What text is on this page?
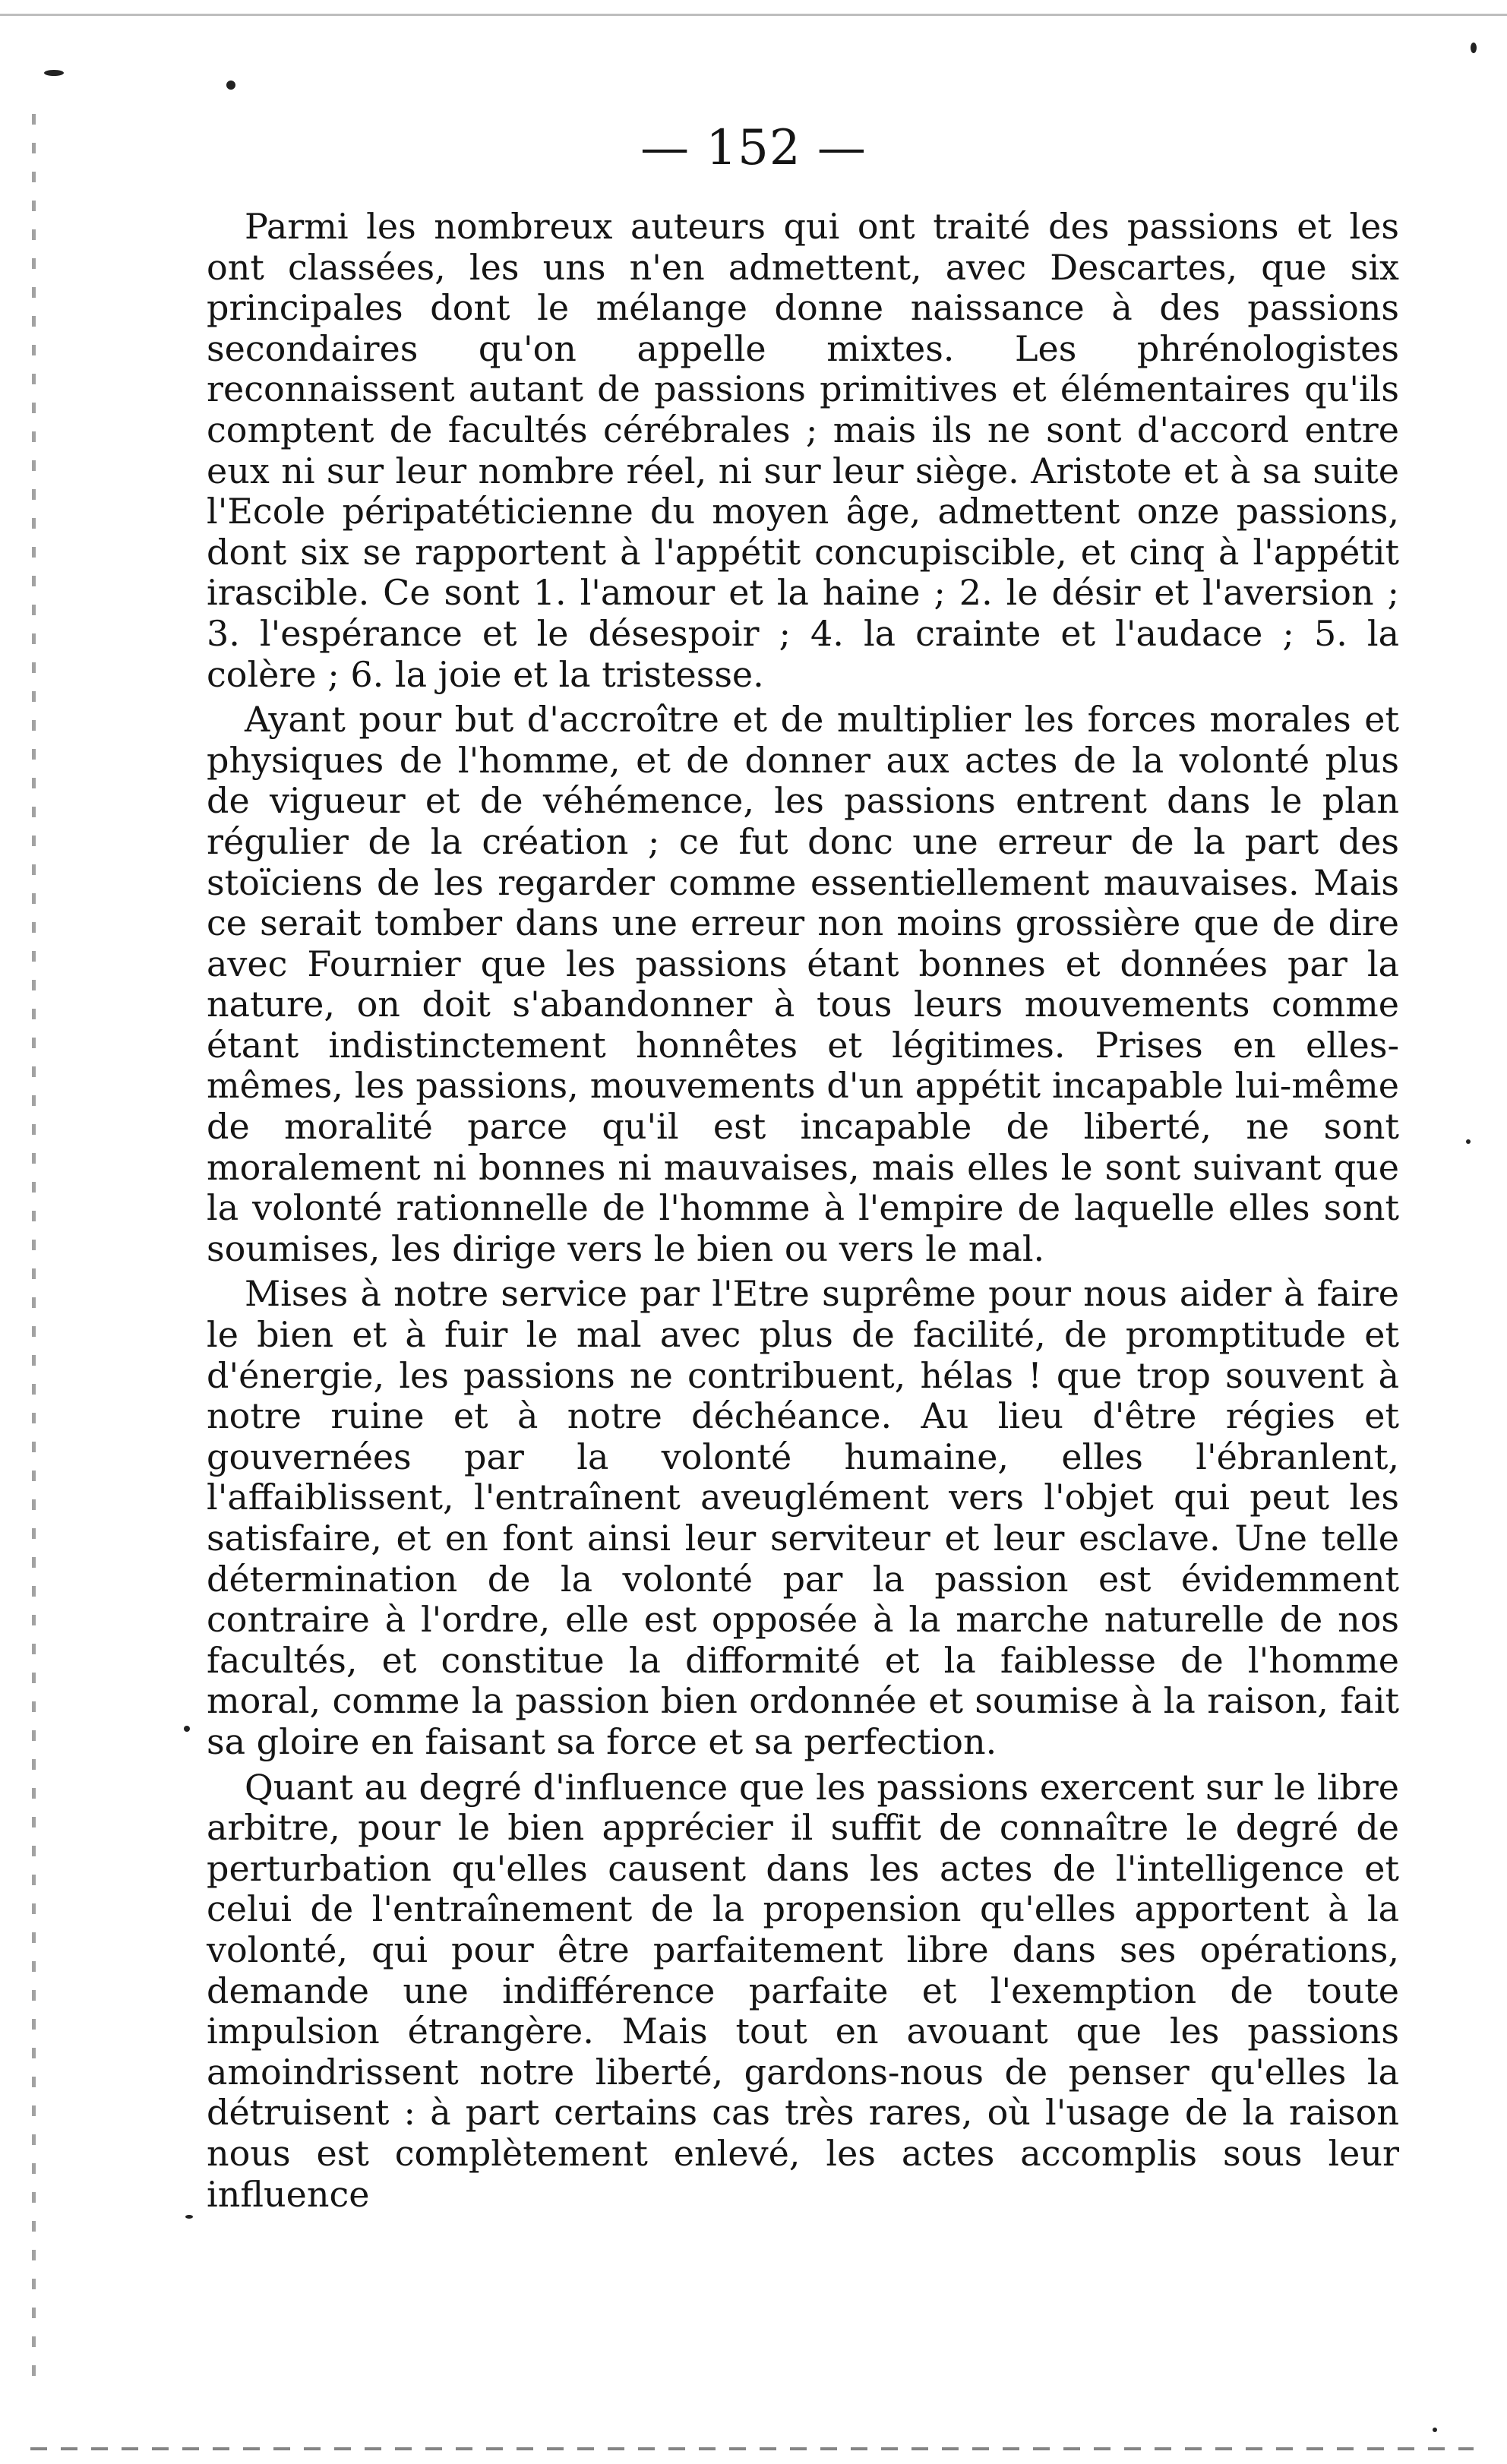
— 152 —

Parmi les nombreux auteurs qui ont traité des passions et les ont classées, les uns n'en admettent, avec Descartes, que six principales dont le mélange donne naissance à des passions secondaires qu'on appelle mixtes. Les phrénologistes reconnaissent autant de passions primitives et élémentaires qu'ils comptent de facultés cérébrales ; mais ils ne sont d'accord entre eux ni sur leur nombre réel, ni sur leur siège. Aristote et à sa suite l'Ecole péripatéticienne du moyen âge, admettent onze passions, dont six se rapportent à l'appétit concupiscible, et cinq à l'appétit irascible. Ce sont 1. l'amour et la haine ; 2. le désir et l'aversion ; 3. l'espérance et le désespoir ; 4. la crainte et l'audace ; 5. la colère ; 6. la joie et la tristesse.

Ayant pour but d'accroître et de multiplier les forces morales et physiques de l'homme, et de donner aux actes de la volonté plus de vigueur et de véhémence, les passions entrent dans le plan régulier de la création ; ce fut donc une erreur de la part des stoïciens de les regarder comme essentiellement mauvaises. Mais ce serait tomber dans une erreur non moins grossière que de dire avec Fournier que les passions étant bonnes et données par la nature, on doit s'abandonner à tous leurs mouvements comme étant indistinctement honnêtes et légitimes. Prises en elles-mêmes, les passions, mouvements d'un appétit incapable lui-même de moralité parce qu'il est incapable de liberté, ne sont moralement ni bonnes ni mauvaises, mais elles le sont suivant que la volonté rationnelle de l'homme à l'empire de laquelle elles sont soumises, les dirige vers le bien ou vers le mal.

Mises à notre service par l'Etre suprême pour nous aider à faire le bien et à fuir le mal avec plus de facilité, de promptitude et d'énergie, les passions ne contribuent, hélas ! que trop souvent à notre ruine et à notre déchéance. Au lieu d'être régies et gouvernées par la volonté humaine, elles l'ébranlent, l'affaiblissent, l'entraînent aveuglément vers l'objet qui peut les satisfaire, et en font ainsi leur serviteur et leur esclave. Une telle détermination de la volonté par la passion est évidemment contraire à l'ordre, elle est opposée à la marche naturelle de nos facultés, et constitue la difformité et la faiblesse de l'homme moral, comme la passion bien ordonnée et soumise à la raison, fait sa gloire en faisant sa force et sa perfection.

Quant au degré d'influence que les passions exercent sur le libre arbitre, pour le bien apprécier il suffit de connaître le degré de perturbation qu'elles causent dans les actes de l'intelligence et celui de l'entraînement de la propension qu'elles apportent à la volonté, qui pour être parfaitement libre dans ses opérations, demande une indifférence parfaite et l'exemption de toute impulsion étrangère. Mais tout en avouant que les passions amoindrissent notre liberté, gardons-nous de penser qu'elles la détruisent : à part certains cas très rares, où l'usage de la raison nous est complètement enlevé, les actes accomplis sous leur influence
